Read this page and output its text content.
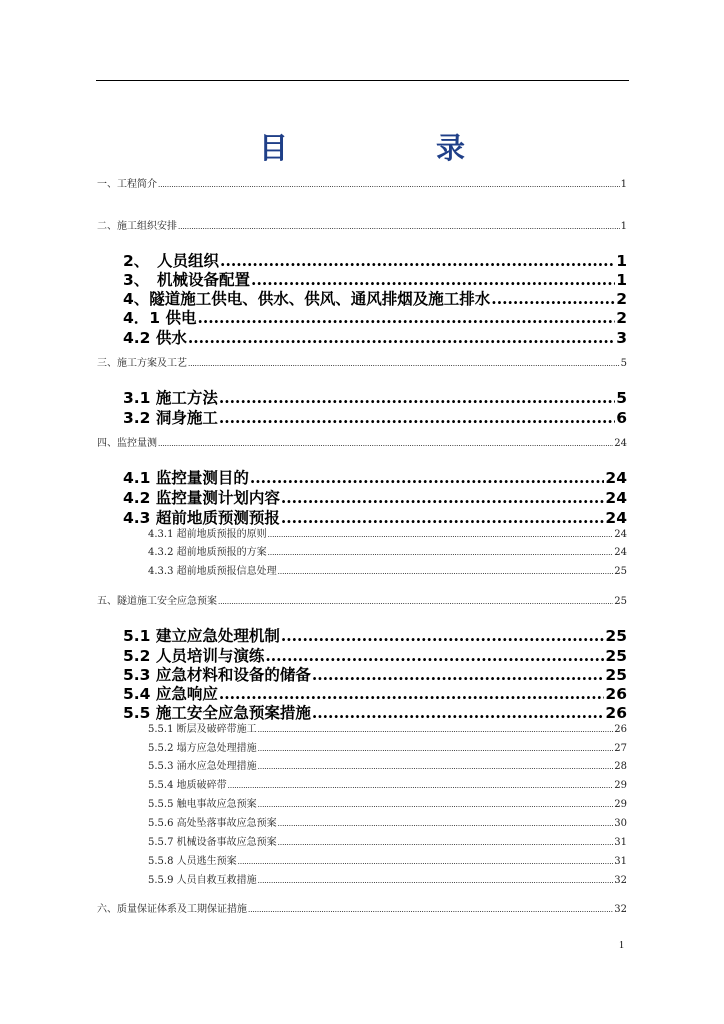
目　　录
一、工程简介 .....	1
二、施工组织安排 .....	1
2、　人员组织 .....	1
3、　机械设备配置 .....	1
4、隧道施工供电、供水、供风、通风排烟及施工排水 .....	2
4．1 供电 .....	2
4.2 供水 .....	3
三、施工方案及工艺 .....	5
3.1 施工方法 .....	5
3.2 洞身施工 .....	6
四、监控量测 .....	24
4.1 监控量测目的 .....	24
4.2 监控量测计划内容 .....	24
4.3 超前地质预测预报 .....	24
4.3.1 超前地质预报的原则 .....	24
4.3.2 超前地质预报的方案 .....	24
4.3.3 超前地质预报信息处理 .....	25
五、隧道施工安全应急预案 .....	25
5.1 建立应急处理机制 .....	25
5.2 人员培训与演练 .....	25
5.3 应急材料和设备的储备 .....	25
5.4 应急响应 .....	26
5.5 施工安全应急预案措施 .....	26
5.5.1 断层及破碎带施工 .....	26
5.5.2 塌方应急处理措施 .....	27
5.5.3 涌水应急处理措施 .....	28
5.5.4 地质破碎带 .....	29
5.5.5 触电事故应急预案 .....	29
5.5.6 高处坠落事故应急预案 .....	30
5.5.7 机械设备事故应急预案 .....	31
5.5.8 人员逃生预案 .....	31
5.5.9 人员自救互救措施 .....	32
六、质量保证体系及工期保证措施 .....	32
1
